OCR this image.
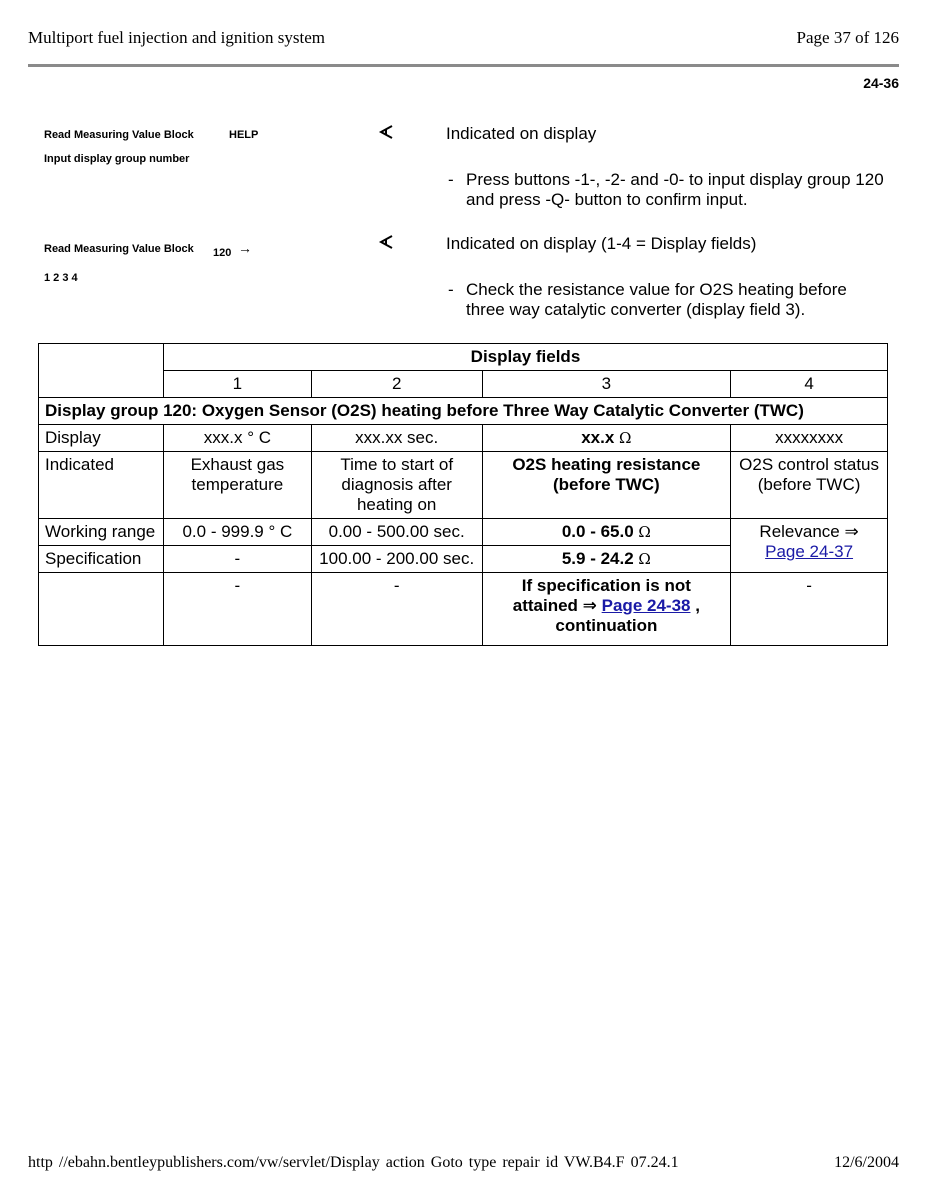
Multiport fuel injection and ignition system	Page 37 of 126
24-36
Read Measuring Value Block	HELP
Input display group number
Indicated on display
- Press buttons -1-, -2- and -0- to input display group 120 and press -Q- button to confirm input.
Read Measuring Value Block 120 →
1 2 3 4
Indicated on display (1-4 = Display fields)
- Check the resistance value for O2S heating before three way catalytic converter (display field 3).
	Display fields			
	1	2	3	4
Display group 120: Oxygen Sensor (O2S) heating before Three Way Catalytic Converter (TWC)				
Display	xxx.x ° C	xxx.xx sec.	xx.x Ω	xxxxxxxx
Indicated	Exhaust gas temperature	Time to start of diagnosis after heating on	O2S heating resistance (before TWC)	O2S control status (before TWC)
Working range	0.0 - 999.9 ° C	0.00 - 500.00 sec.	0.0 - 65.0 Ω	Relevance ⇒
Page 24-37
Specification	-	100.00 - 200.00 sec.	5.9 - 24.2 Ω	
	-	-	If specification is not attained ⇒ Page 24-38 , continuation	-
http //ebahn.bentleypublishers.com/vw/servlet/Display action Goto type repair id VW.B4.F 07.24.1	12/6/2004
